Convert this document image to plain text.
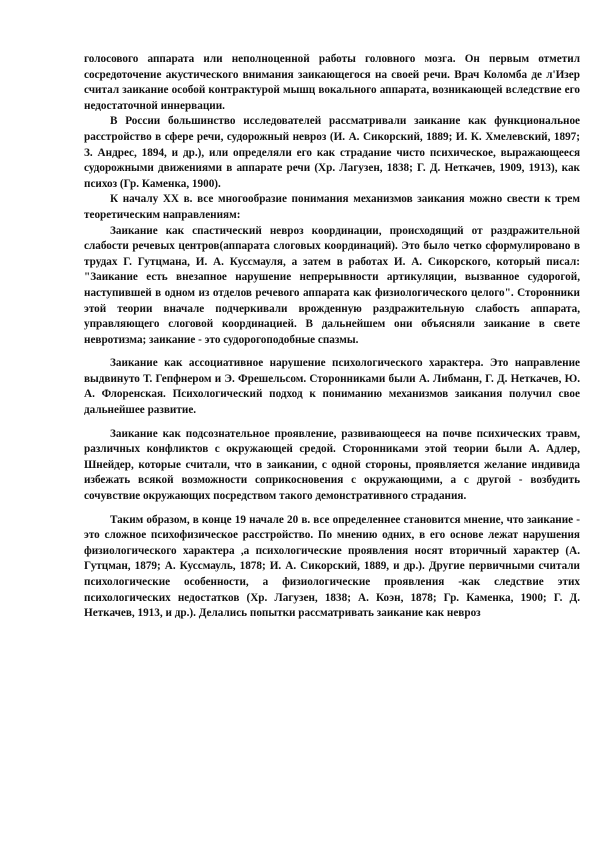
голосового аппарата или неполноценной работы головного мозга. Он первым отметил сосредоточение акустического внимания заикающегося на своей речи. Врач Коломба де л'Изер считал заикание особой контрактурой мышц вокального аппарата, возникающей вследствие его недостаточной иннервации.

В России большинство исследователей рассматривали заикание как функциональное расстройство в сфере речи, судорожный невроз (И. А. Сикорский, 1889; И. К. Хмелевский, 1897; З. Андрес, 1894, и др.), или определяли его как страдание чисто психическое, выражающееся судорожными движениями в аппарате речи (Хр. Лагузен, 1838; Г. Д. Неткачев, 1909, 1913), как психоз (Гр. Каменка, 1900).

К началу XX в. все многообразие понимания механизмов заикания можно свести к трем теоретическим направлениям:

Заикание как спастический невроз координации, происходящий от раздражительной слабости речевых центров(аппарата слоговых координаций). Это было четко сформулировано в трудах Г. Гутцмана, И. А. Куссмауля, а затем в работах И. А. Сикорского, который писал: "Заикание есть внезапное нарушение непрерывности артикуляции, вызванное судорогой, наступившей в одном из отделов речевого аппарата как физиологического целого". Сторонники этой теории вначале подчеркивали врожденную раздражительную слабость аппарата, управляющего слоговой координацией. В дальнейшем они объясняли заикание в свете невротизма; заикание - это судорогоподобные спазмы.

Заикание как ассоциативное нарушение психологического характера. Это направление выдвинуто Т. Гепфнером и Э. Фрешельсом. Сторонниками были А. Либманн, Г. Д. Неткачев, Ю. А. Флоренская. Психологический подход к пониманию механизмов заикания получил свое дальнейшее развитие.

Заикание как подсознательное проявление, развивающееся на почве психических травм, различных конфликтов с окружающей средой. Сторонниками этой теории были А. Адлер, Шнейдер, которые считали, что в заикании, с одной стороны, проявляется желание индивида избежать всякой возможности соприкосновения с окружающими, а с другой - возбудить сочувствие окружающих посредством такого демонстративного страдания.

Таким образом, в конце 19 начале 20 в. все определеннее становится мнение, что заикание - это сложное психофизическое расстройство. По мнению одних, в его основе лежат нарушения физиологического характера ,а психологические проявления носят вторичный характер (А. Гутцман, 1879; А. Куссмауль, 1878; И. А. Сикорский, 1889, и др.). Другие первичными считали психологические особенности, а физиологические проявления -как следствие этих психологических недостатков (Хр. Лагузен, 1838; А. Коэн, 1878; Гр. Каменка, 1900; Г. Д. Неткачев, 1913, и др.). Делались попытки рассматривать заикание как невроз
